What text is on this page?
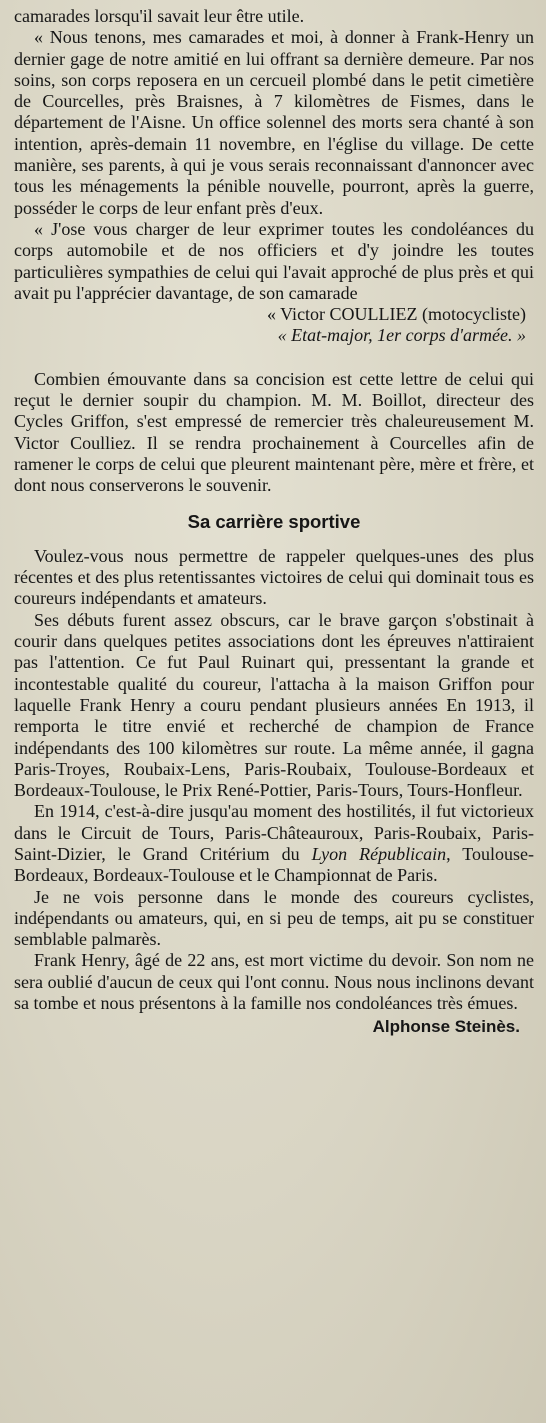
camarades lorsqu'il savait leur être utile.

« Nous tenons, mes camarades et moi, à donner à Frank-Henry un dernier gage de notre amitié en lui offrant sa dernière demeure. Par nos soins, son corps reposera en un cercueil plombé dans le petit cimetière de Courcelles, près Braisnes, à 7 kilomètres de Fismes, dans le département de l'Aisne. Un office solennel des morts sera chanté à son intention, après-demain 11 novembre, en l'église du village. De cette manière, ses parents, à qui je vous serais reconnaissant d'annoncer avec tous les ménagements la pénible nouvelle, pourront, après la guerre, posséder le corps de leur enfant près d'eux.

« J'ose vous charger de leur exprimer toutes les condoléances du corps automobile et de nos officiers et d'y joindre les toutes particulières sympathies de celui qui l'avait approché de plus près et qui avait pu l'apprécier davantage, de son camarade

« Victor COULLIEZ (motocycliste)

« Etat-major, 1er corps d'armée. »

Combien émouvante dans sa concision est cette lettre de celui qui reçut le dernier soupir du champion. M. M. Boillot, directeur des Cycles Griffon, s'est empressé de remercier très chaleureusement M. Victor Coulliez. Il se rendra prochainement à Courcelles afin de ramener le corps de celui que pleurent maintenant père, mère et frère, et dont nous conserverons le souvenir.

Sa carrière sportive

Voulez-vous nous permettre de rappeler quelques-unes des plus récentes et des plus retentissantes victoires de celui qui dominait tous es coureurs indépendants et amateurs.

Ses débuts furent assez obscurs, car le brave garçon s'obstinait à courir dans quelques petites associations dont les épreuves n'attiraient pas l'attention. Ce fut Paul Ruinart qui, pressentant la grande et incontestable qualité du coureur, l'attacha à la maison Griffon pour laquelle Frank Henry a couru pendant plusieurs années En 1913, il remporta le titre envié et recherché de champion de France indépendants des 100 kilomètres sur route. La même année, il gagna Paris-Troyes, Roubaix-Lens, Paris-Roubaix, Toulouse-Bordeaux et Bordeaux-Toulouse, le Prix René-Pottier, Paris-Tours, Tours-Honfleur.

En 1914, c'est-à-dire jusqu'au moment des hostilités, il fut victorieux dans le Circuit de Tours, Paris-Châteauroux, Paris-Roubaix, Paris-Saint-Dizier, le Grand Critérium du Lyon Républicain, Toulouse-Bordeaux, Bordeaux-Toulouse et le Championnat de Paris.

Je ne vois personne dans le monde des coureurs cyclistes, indépendants ou amateurs, qui, en si peu de temps, ait pu se constituer semblable palmarès.

Frank Henry, âgé de 22 ans, est mort victime du devoir. Son nom ne sera oublié d'aucun de ceux qui l'ont connu. Nous nous inclinons devant sa tombe et nous présentons à la famille nos condoléances très émues.

Alphonse Steinès.
